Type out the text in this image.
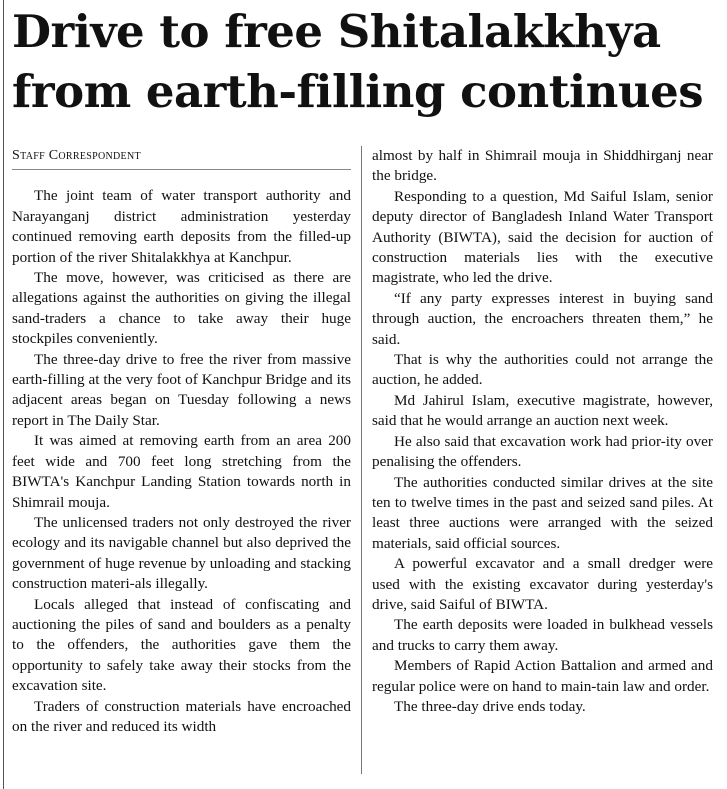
Drive to free Shitalakkhya
from earth-filling continues
Staff Correspondent

The joint team of water transport authority and Narayanganj district administration yesterday continued removing earth deposits from the filled-up portion of the river Shitalakkhya at Kanchpur.

The move, however, was criticised as there are allegations against the authorities on giving the illegal sand-traders a chance to take away their huge stockpiles conveniently.

The three-day drive to free the river from massive earth-filling at the very foot of Kanchpur Bridge and its adjacent areas began on Tuesday following a news report in The Daily Star.

It was aimed at removing earth from an area 200 feet wide and 700 feet long stretching from the BIWTA's Kanchpur Landing Station towards north in Shimrail mouja.

The unlicensed traders not only destroyed the river ecology and its navigable channel but also deprived the government of huge revenue by unloading and stacking construction materi-als illegally.

Locals alleged that instead of confiscating and auctioning the piles of sand and boulders as a penalty to the offenders, the authorities gave them the opportunity to safely take away their stocks from the excavation site.

Traders of construction materials have encroached on the river and reduced its width

almost by half in Shimrail mouja in Shiddhirganj near the bridge.

Responding to a question, Md Saiful Islam, senior deputy director of Bangladesh Inland Water Transport Authority (BIWTA), said the decision for auction of construction materials lies with the executive magistrate, who led the drive.

“If any party expresses interest in buying sand through auction, the encroachers threaten them,” he said.

That is why the authorities could not arrange the auction, he added.

Md Jahirul Islam, executive magistrate, however, said that he would arrange an auction next week.

He also said that excavation work had prior-ity over penalising the offenders.

The authorities conducted similar drives at the site ten to twelve times in the past and seized sand piles. At least three auctions were arranged with the seized materials, said official sources.

A powerful excavator and a small dredger were used with the existing excavator during yesterday's drive, said Saiful of BIWTA.

The earth deposits were loaded in bulkhead vessels and trucks to carry them away.

Members of Rapid Action Battalion and armed and regular police were on hand to main-tain law and order.

The three-day drive ends today.
